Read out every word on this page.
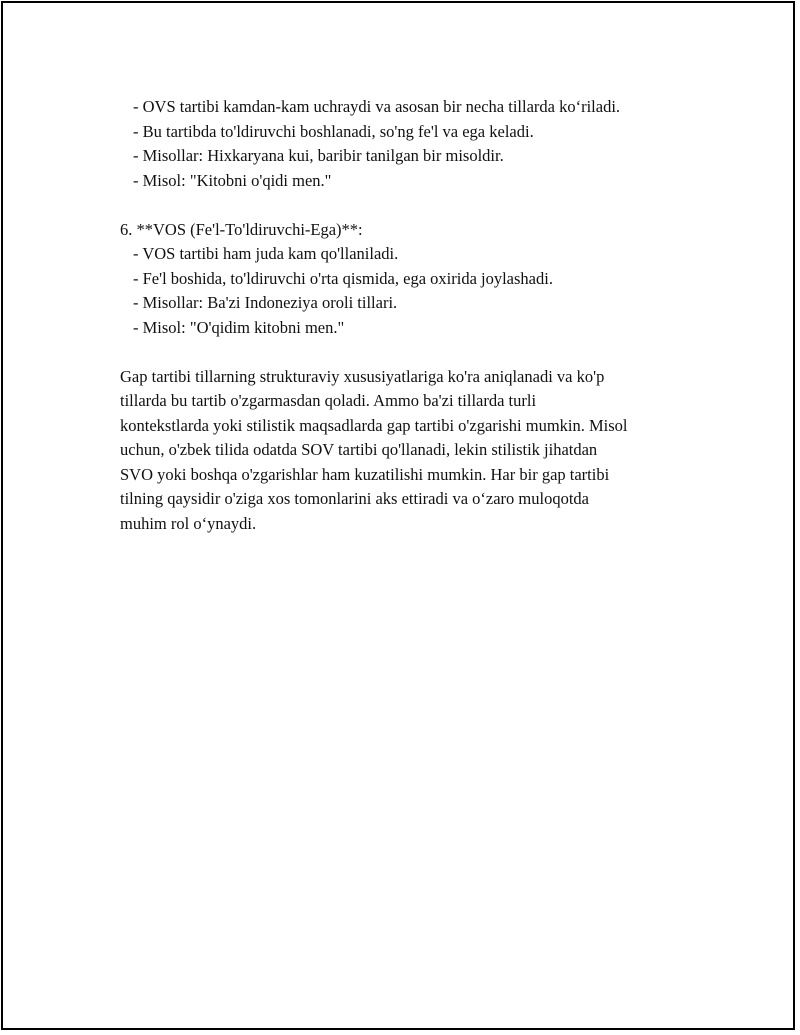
- OVS tartibi kamdan-kam uchraydi va asosan bir necha tillarda koʻriladi.

- Bu tartibda to'ldiruvchi boshlanadi, so'ng fe'l va ega keladi.

- Misollar: Hixkaryana kui, baribir tanilgan bir misoldir.

- Misol: "Kitobni o'qidi men."

6. **VOS (Fe'l-To'ldiruvchi-Ega)**:

- VOS tartibi ham juda kam qo'llaniladi.

- Fe'l boshida, to'ldiruvchi o'rta qismida, ega oxirida joylashadi.

- Misollar: Ba'zi Indoneziya oroli tillari.

- Misol: "O'qidim kitobni men."

Gap tartibi tillarning strukturaviy xususiyatlariga ko'ra aniqlanadi va ko'p
tillarda bu tartib o'zgarmasdan qoladi. Ammo ba'zi tillarda turli
kontekstlarda yoki stilistik maqsadlarda gap tartibi o'zgarishi mumkin. Misol
uchun, o'zbek tilida odatda SOV tartibi qo'llanadi, lekin stilistik jihatdan
SVO yoki boshqa o'zgarishlar ham kuzatilishi mumkin. Har bir gap tartibi
tilning qaysidir o'ziga xos tomonlarini aks ettiradi va oʻzaro muloqotda
muhim rol oʻynaydi.
